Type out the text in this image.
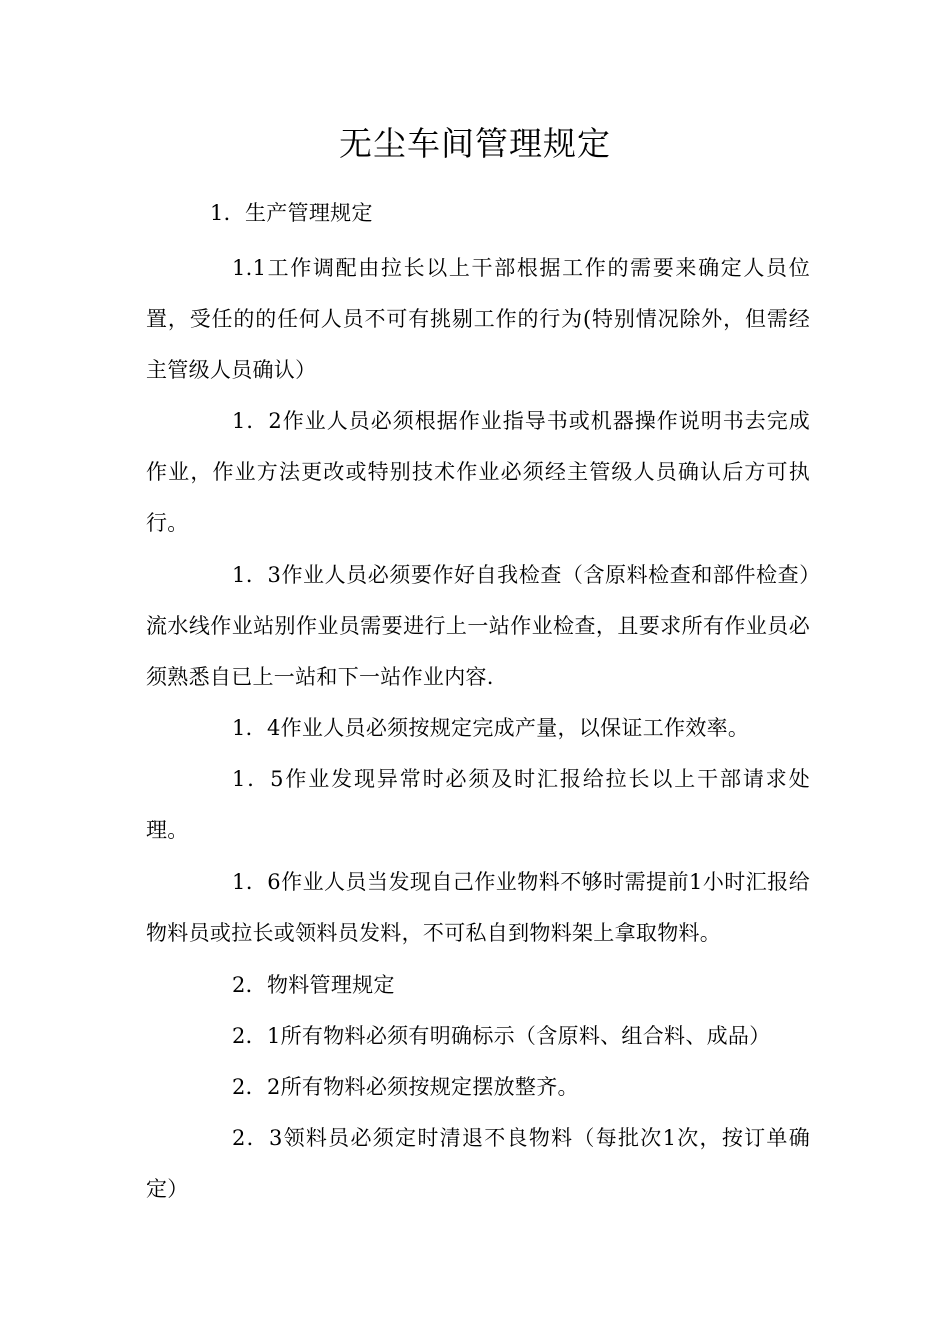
无尘车间管理规定

1．生产管理规定

1.1工作调配由拉长以上干部根据工作的需要来确定人员位置，受任的的任何人员不可有挑剔工作的行为(特别情况除外，但需经主管级人员确认）

1．2作业人员必须根据作业指导书或机器操作说明书去完成作业，作业方法更改或特别技术作业必须经主管级人员确认后方可执行。

1．3作业人员必须要作好自我检查（含原料检查和部件检查）流水线作业站别作业员需要进行上一站作业检查，且要求所有作业员必须熟悉自已上一站和下一站作业内容.

1．4作业人员必须按规定完成产量，以保证工作效率。

1．5作业发现异常时必须及时汇报给拉长以上干部请求处理。

1．6作业人员当发现自己作业物料不够时需提前1小时汇报给物料员或拉长或领料员发料，不可私自到物料架上拿取物料。

2．物料管理规定

2．1所有物料必须有明确标示（含原料、组合料、成品）

2．2所有物料必须按规定摆放整齐。

2．3领料员必须定时清退不良物料（每批次1次，按订单确定）
